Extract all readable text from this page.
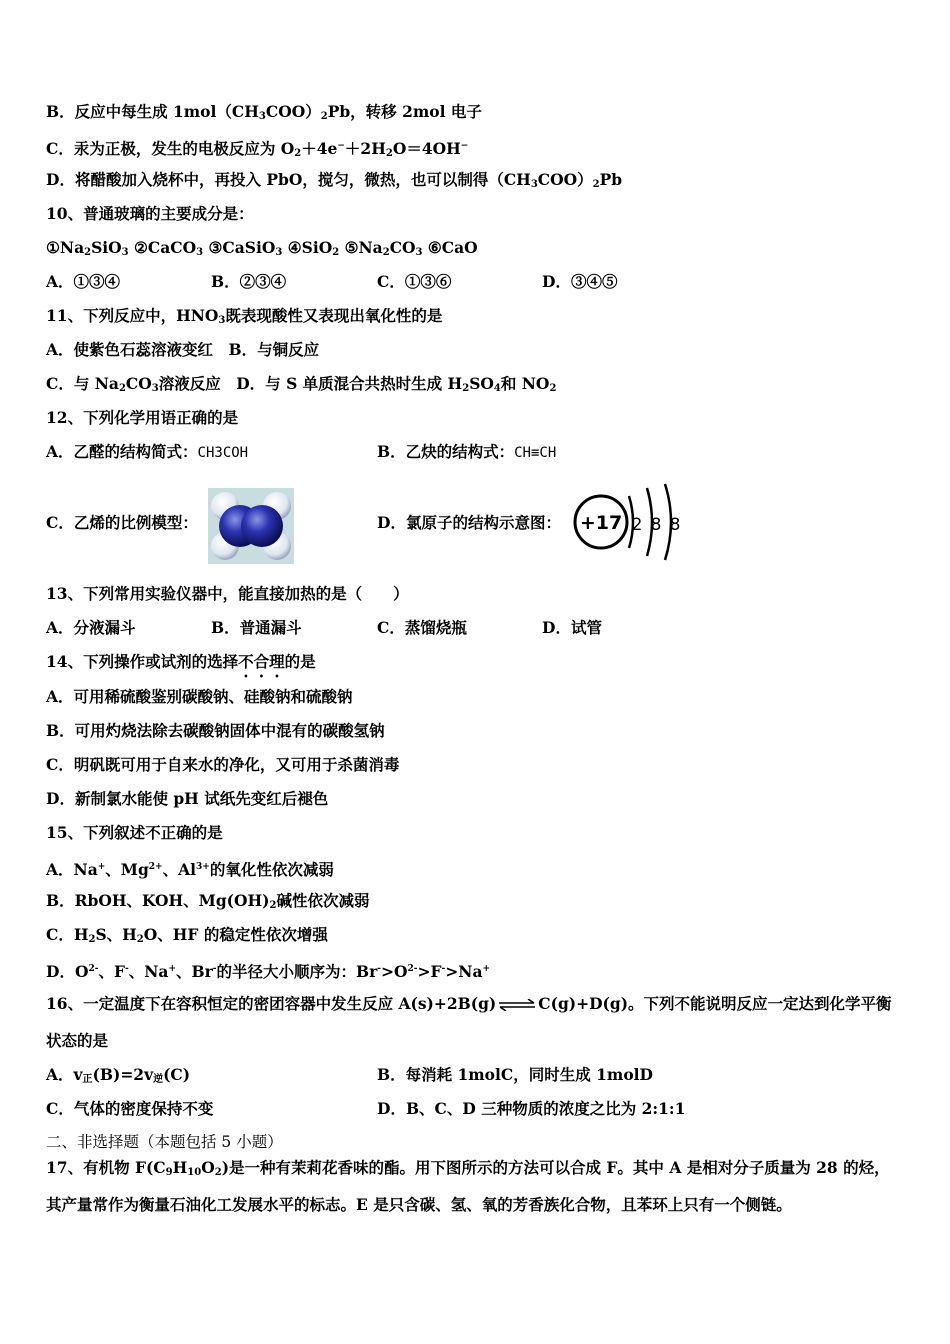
B．反应中每生成 $1mol(CH_3COO)_2Pb$，转移 2mol 电子
C．汞为正极，发生的电极反应为 $O_2+4e^-+2H_2O=4OH^-$
D．将醋酸加入烧杯中，再投入 PbO，搅匀，微热，也可以制得$(CH_3COO)_2Pb$
10、普通玻璃的主要成分是：
$①Na_2SiO_3$ ②CaCO$_3$ ③CaSiO$_3$ ④SiO$_2$ $⑤Na_2CO_3$ ⑥CaO
A．①③④	B．②③④	C．①③⑥	D．③④⑤
11、下列反应中，$HNO_3$既表现酸性又表现出氧化性的是
A．使紫色石蕊溶液变红　B．与铜反应
C．与 $Na_2CO_3$溶液反应　D．与 S 单质混合共热时生成 $H_2SO_4$和 $NO_2$
12、下列化学用语正确的是
A．乙醛的结构简式：CH3COH	B．乙炔的结构式：CH≡CH
C．乙烯的比例模型：	D．氯原子的结构示意图： +17 2 8 8
13、下列常用实验仪器中，能直接加热的是（　　）
A．分液漏斗	B．普通漏斗	C．蒸馏烧瓶	D．试管
14、下列操作或试剂的选择不合理的是
A．可用稀硫酸鉴别碳酸钠、硅酸钠和硫酸钠
B．可用灼烧法除去碳酸钠固体中混有的碳酸氢钠
C．明矾既可用于自来水的净化，又可用于杀菌消毒
D．新制氯水能使 pH 试纸先变红后褪色
15、下列叙述不正确的是
A．Na+、$Mg^{2+}$、$Al^{3+}$的氧化性依次减弱
B．RbOH、KOH、$Mg(OH)_2$碱性依次减弱
C．$H_2S$、$H_2O$、HF 的稳定性依次增强
D．$O^{2-}$、F-、Na+、Br-的半径大小顺序为：$Br^->O^{2-}>F^->Na^+$
16、一定温度下在容积恒定的密团容器中发生反应 A(s)+2B(g) ⇌ C(g)+D(g)。下列不能说明反应一定达到化学平衡
状态的是
A．$v_正(B)=2v_逆(C)$	B．每消耗 1molC，同时生成 1molD
C．气体的密度保持不变	D．B、C、D 三种物质的浓度之比为 2:1:1
二、非选择题（本题包括 5 小题）
17、有机物 $F(C_9H_{10}O_2)$是一种有茉莉花香味的酯。用下图所示的方法可以合成 F。其中 A 是相对分子质量为 28 的烃，
其产量常作为衡量石油化工发展水平的标志。E 是只含碳、氢、氧的芳香族化合物，且苯环上只有一个侧链。
